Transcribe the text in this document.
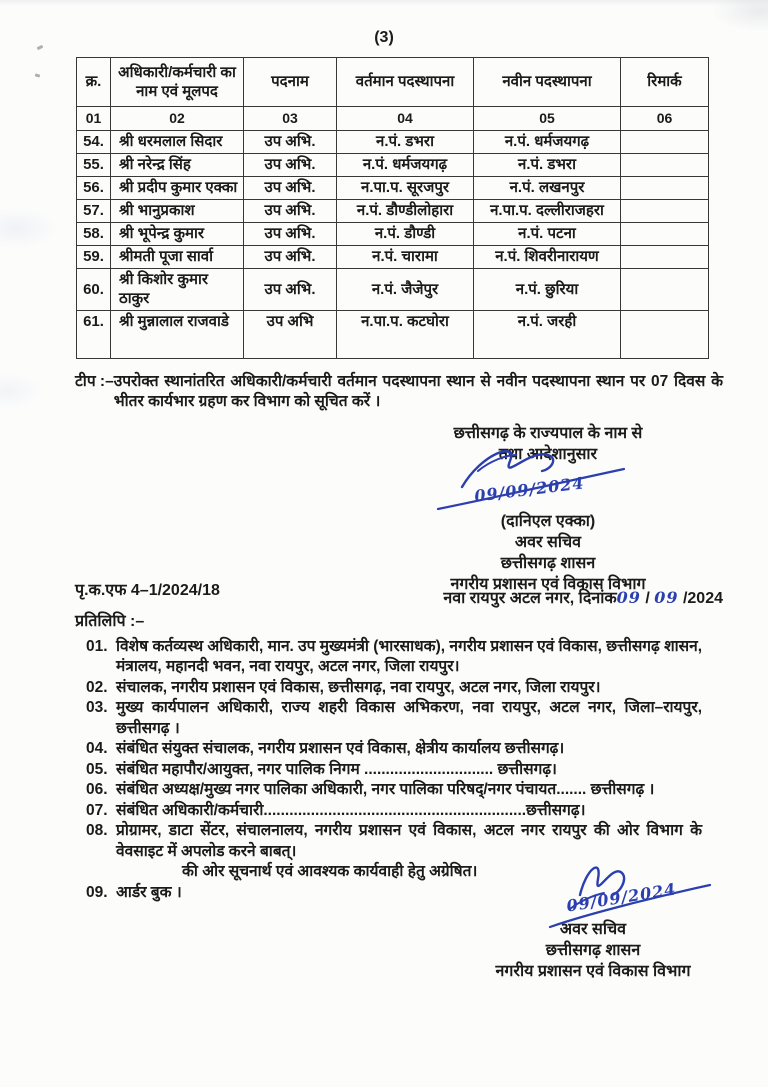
(3)
क्र.	अधिकारी/कर्मचारी का नाम एवं मूलपद	पदनाम	वर्तमान पदस्थापना	नवीन पदस्थापना	रिमार्क
01	02	03	04	05	06
54.	श्री धरमलाल सिदार	उप अभि.	न.पं. डभरा	न.पं. धर्मजयगढ़	
55.	श्री नरेन्द्र सिंह	उप अभि.	न.पं. धर्मजयगढ़	न.पं. डभरा	
56.	श्री प्रदीप कुमार एक्का	उप अभि.	न.पा.प. सूरजपुर	न.पं. लखनपुर	
57.	श्री भानुप्रकाश	उप अभि.	न.पं. डौण्डीलोहारा	न.पा.प. दल्लीराजहरा	
58.	श्री भूपेन्द्र कुमार	उप अभि.	न.पं. डौण्डी	न.पं. पटना	
59.	श्रीमती पूजा सार्वा	उप अभि.	न.पं. चारामा	न.पं. शिवरीनारायण	
60.	श्री किशोर कुमार ठाकुर	उप अभि.	न.पं. जैजेपुर	न.पं. छुरिया	
61.	श्री मुन्नालाल राजवाडे	उप अभि	न.पा.प. कटघोरा	न.पं. जरही	
टीप :– उपरोक्त स्थानांतरित अधिकारी/कर्मचारी वर्तमान पदस्थापना स्थान से नवीन पदस्थापना स्थान पर 07 दिवस के भीतर कार्यभार ग्रहण कर विभाग को सूचित करें ।
छत्तीसगढ़ के राज्यपाल के नाम से
तथा आदेशानुसार
09/09/2024
(दानिएल एक्का)
अवर सचिव
छत्तीसगढ़ शासन
नगरीय प्रशासन एवं विकास विभाग
पृ.क.एफ 4–1/2024/18	नवा रायपुर अटल नगर, दिनांक09 / 09 /2024
प्रतिलिपि :–
01. विशेष कर्तव्यस्थ अधिकारी, मान. उप मुख्यमंत्री (भारसाधक), नगरीय प्रशासन एवं विकास, छत्तीसगढ़ शासन, मंत्रालय, महानदी भवन, नवा रायपुर, अटल नगर, जिला रायपुर।
02. संचालक, नगरीय प्रशासन एवं विकास, छत्तीसगढ़, नवा रायपुर, अटल नगर, जिला रायपुर।
03. मुख्य कार्यपालन अधिकारी, राज्य शहरी विकास अभिकरण, नवा रायपुर, अटल नगर, जिला–रायपुर, छत्तीसगढ़ ।
04. संबंधित संयुक्त संचालक, नगरीय प्रशासन एवं विकास, क्षेत्रीय कार्यालय छत्तीसगढ़।
05. संबंधित महापौर/आयुक्त, नगर पालिक निगम .............................. छत्तीसगढ़।
06. संबंधित अध्यक्ष/मुख्य नगर पालिका अधिकारी, नगर पालिका परिषद्/नगर पंचायत....... छत्तीसगढ़ ।
07. संबंधित अधिकारी/कर्मचारी.............................................................छत्तीसगढ़।
08. प्रोग्रामर, डाटा सेंटर, संचालनालय, नगरीय प्रशासन एवं विकास, अटल नगर रायपुर की ओर विभाग के वेवसाइट में अपलोड करने बाबत्।
की ओर सूचनार्थ एवं आवश्यक कार्यवाही हेतु अग्रेषित।
09. आर्डर बुक ।	09/09/2024
अवर सचिव
छत्तीसगढ़ शासन
नगरीय प्रशासन एवं विकास विभाग
